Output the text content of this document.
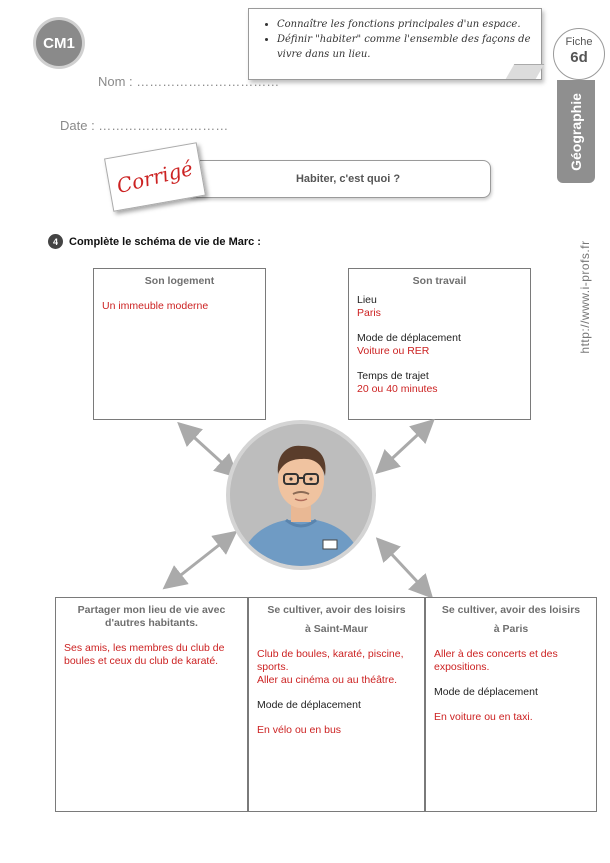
CM1
• Connaître les fonctions principales d'un espace.
• Définir "habiter" comme l'ensemble des façons de vivre dans un lieu.
Fiche
6d
Géographie
Nom : ……………………………
Date : …………………………
Habiter, c'est quoi ?
Corrigé
http://www.i-profs.fr
4	Complète le schéma de vie de Marc :
Son logement
Un immeuble moderne
Son travail
Lieu
Paris
Mode de déplacement
Voiture ou RER
Temps de trajet
20 ou 40 minutes
Partager mon lieu de vie avec d'autres habitants.
Ses amis, les membres du club de boules et ceux du club de karaté.
Se cultiver, avoir des loisirs
à Saint-Maur
Club de boules, karaté, piscine, sports.
Aller au cinéma ou au théâtre.
Mode de déplacement
En vélo ou en bus
Se cultiver, avoir des loisirs
à Paris
Aller à des concerts et des expositions.
Mode de déplacement
En voiture ou en taxi.
